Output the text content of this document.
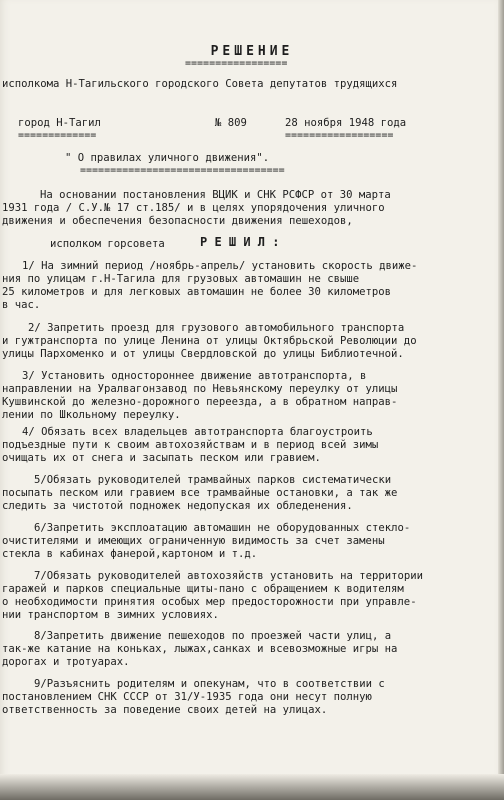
РЕШЕНИЕ
=================
исполкома Н-Тагильского городского Совета депутатов трудящихся
город Н-Тагил
=============
№ 809	28 ноября 1948 года
==================
" О правилах уличного движения".
==================================
На основании постановления ВЦИК и СНК РСФСР от 30 марта
1931 года / С.У.№ 17 ст.185/ и в целях упорядочения уличного
движения и обеспечения безопасности движения пешеходов,
исполком горсовета	Р Е Ш И Л :
1/ На зимний период /ноябрь-апрель/ установить скорость движе-
ния по улицам г.Н-Тагила для грузовых автомашин не свыше
25 километров и для легковых автомашин не более 30 километров
в час.
2/ Запретить проезд для грузового автомобильного транспорта
и гужтранспорта по улице Ленина от улицы Октябрьской Революции до
улицы Пархоменко и от улицы Свердловской до улицы Библиотечной.
3/ Установить одностороннее движение автотранспорта, в
направлении на Уралвагонзавод по Невьянскому переулку от улицы
Кушвинской до железно-дорожного переезда, а в обратном направ-
лении по Школьному переулку.
4/ Обязать всех владельцев автотранспорта благоустроить
подъездные пути к своим автохозяйствам и в период всей зимы
очищать их от снега и засыпать песком или гравием.
5/Обязать руководителей трамвайных парков систематически
посыпать песком или гравием все трамвайные остановки, а так же
следить за чистотой подножек недопуская их обледенения.
6/Запретить эксплоатацию автомашин не оборудованных стекло-
очистителями и имеющих ограниченную видимость за счет замены
стекла в кабинах фанерой,картоном и т.д.
7/Обязать руководителей автохозяйств установить на территории
гаражей и парков специальные щиты-пано с обращением к водителям
о необходимости принятия особых мер предосторожности при управле-
нии транспортом в зимних условиях.
8/Запретить движение пешеходов по проезжей части улиц, а
так-же катание на коньках, лыжах,санках и всевозможные игры на
дорогах и тротуарах.
9/Разъяснить родителям и опекунам, что в соответствии с
постановлением СНК СССР от 31/У-1935 года они несут полную
ответственность за поведение своих детей на улицах.
